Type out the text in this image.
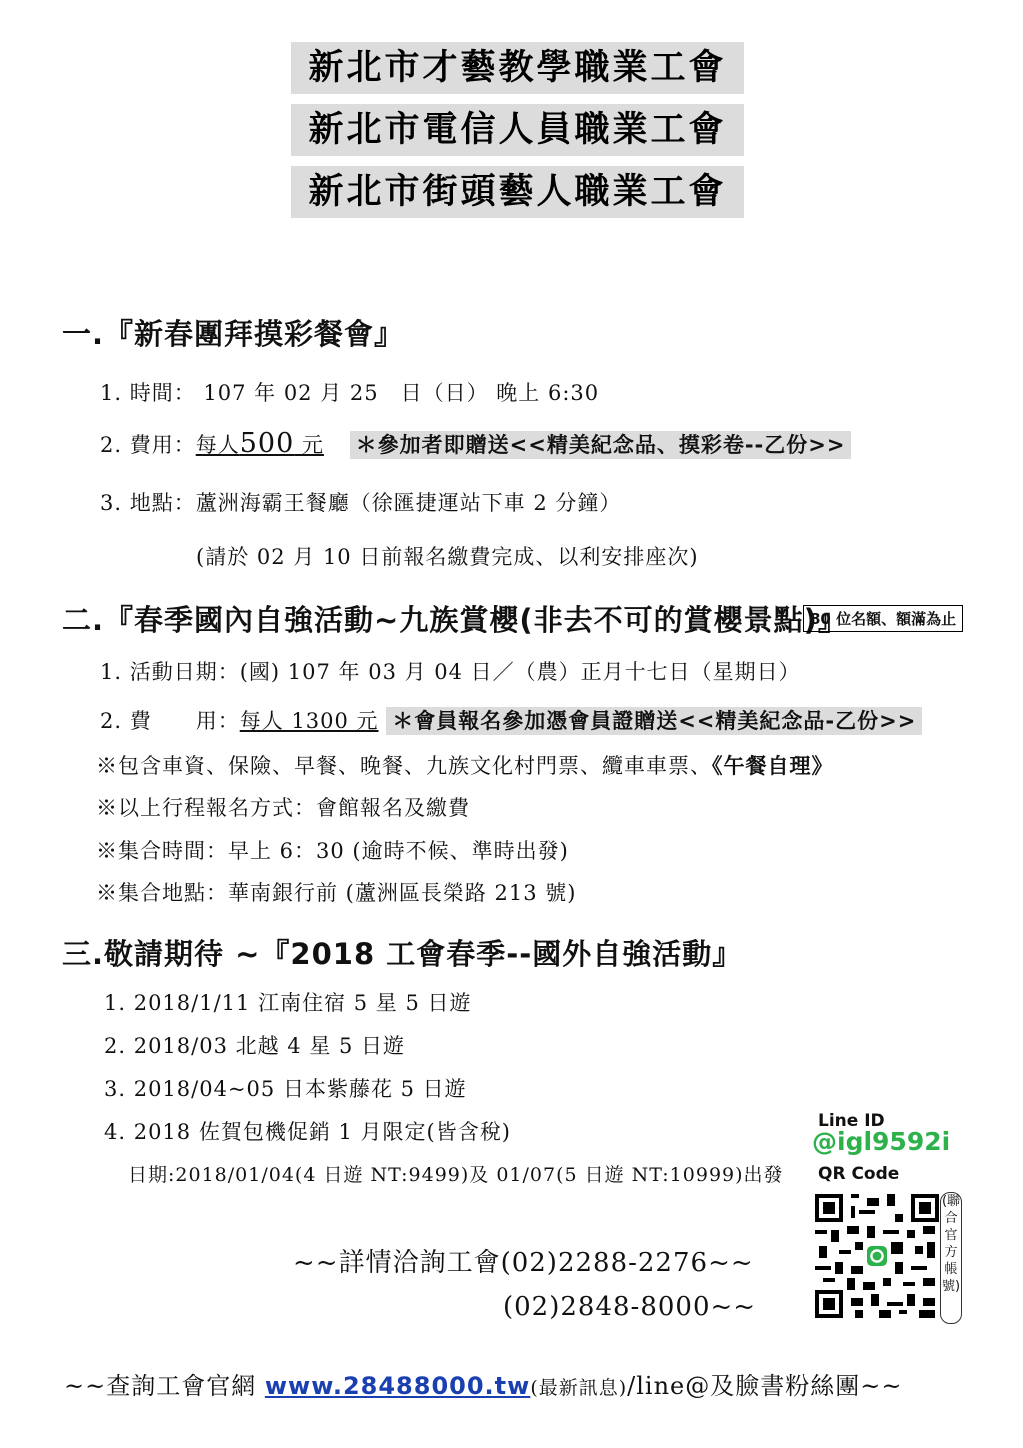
新北市才藝教學職業工會
新北市電信人員職業工會
新北市街頭藝人職業工會
一.『新春團拜摸彩餐會』
1. 時間： 107 年 02 月 25　日（日） 晚上 6:30
2. 費用：每人500 元 ＊參加者即贈送<<精美紀念品、摸彩卷--乙份>>
3. 地點：蘆洲海霸王餐廳（徐匯捷運站下車 2 分鐘）
(請於 02 月 10 日前報名繳費完成、以利安排座次)
二.『春季國內自強活動~九族賞櫻(非去不可的賞櫻景點)』
80 位名額、額滿為止
1. 活動日期：(國) 107 年 03 月 04 日／（農）正月十七日（星期日）
2. 費　　用：每人 1300 元 ＊會員報名參加憑會員證贈送<<精美紀念品-乙份>>
※包含車資、保險、早餐、晚餐、九族文化村門票、纜車車票、《午餐自理》
※以上行程報名方式：會館報名及繳費
※集合時間：早上 6：30 (逾時不候、準時出發)
※集合地點：華南銀行前 (蘆洲區長榮路 213 號)
三.敬請期待 ~『2018 工會春季--國外自強活動』
1. 2018/1/11 江南住宿 5 星 5 日遊
2. 2018/03 北越 4 星 5 日遊
3. 2018/04~05 日本紫藤花 5 日遊
4. 2018 佐賀包機促銷 1 月限定(皆含稅)
日期:2018/01/04(4 日遊 NT:9499)及 01/07(5 日遊 NT:10999)出發
Line ID
@igl9592i
QR Code
(聯合官方帳號)
~~詳情洽詢工會(02)2288-2276~~
(02)2848-8000~~
~~查詢工會官網 www.28488000.tw(最新訊息)/line@及臉書粉絲團~~
